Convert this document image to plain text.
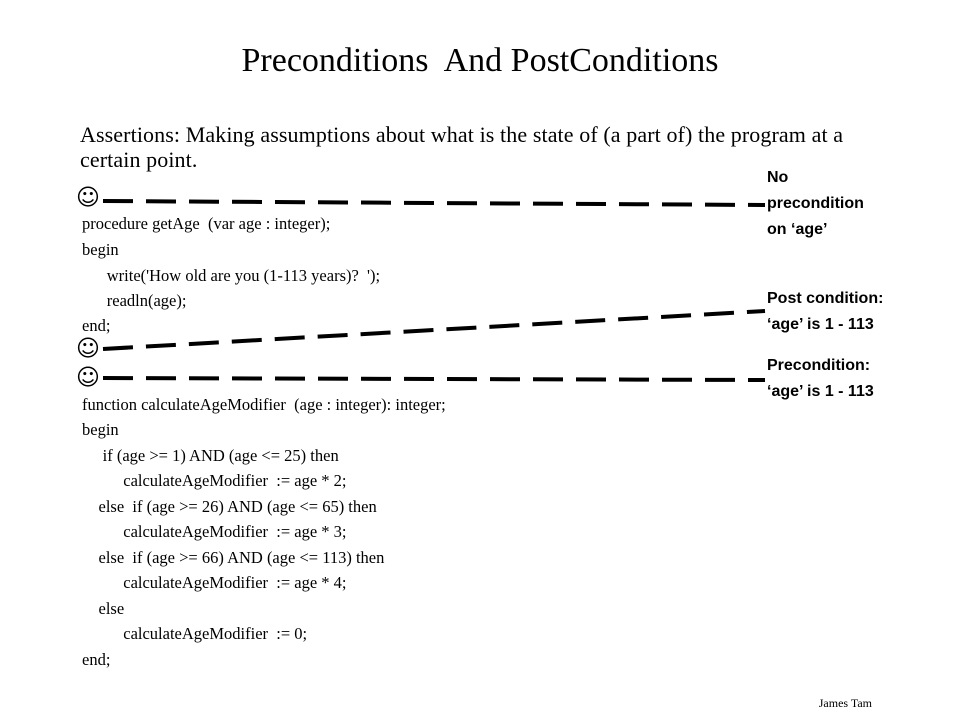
Preconditions  And PostConditions
Assertions: Making assumptions about what is the state of (a part of) the program at a certain point.
☺
☺
☺
procedure getAge  (var age : integer);
begin
write('How old are you (1-113 years)?  ');
readln(age);
end;
function calculateAgeModifier  (age : integer): integer;
begin
if (age >= 1) AND (age <= 25) then
calculateAgeModifier  := age * 2;
else  if (age >= 26) AND (age <= 65) then
calculateAgeModifier  := age * 3;
else  if (age >= 66) AND (age <= 113) then
calculateAgeModifier  := age * 4;
else
calculateAgeModifier  := 0;
end;
No
precondition
on ‘age’
Post condition:
‘age’ is 1 - 113
Precondition:
‘age’ is 1 - 113
James Tam
